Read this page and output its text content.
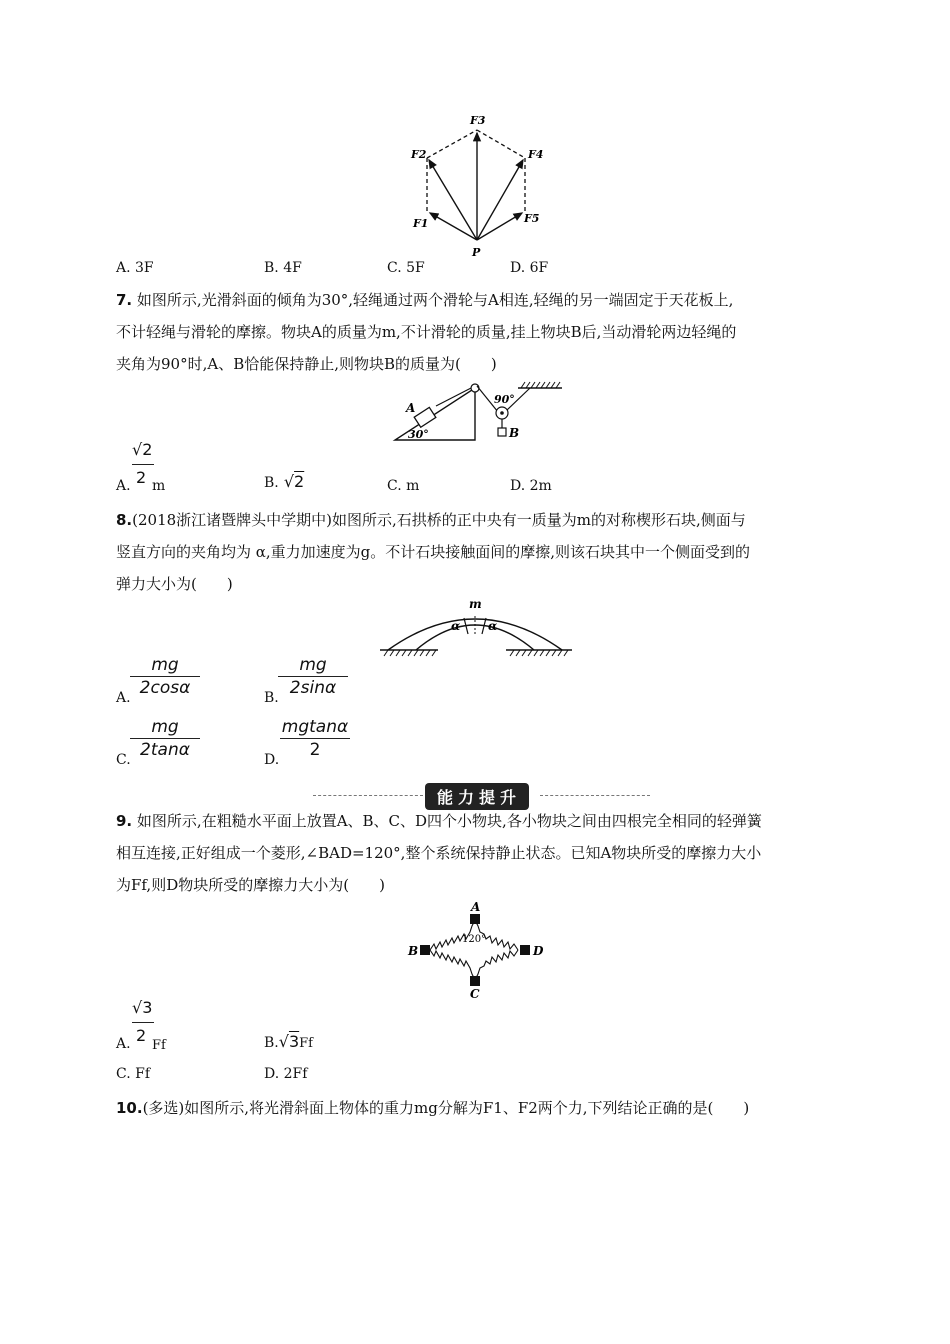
F1
F2
F3
F4
F5
P
A. 3F	B. 4F	C. 5F	D. 6F
7. 如图所示,光滑斜面的倾角为30°,轻绳通过两个滑轮与A相连,轻绳的另一端固定于天花板上,
不计轻绳与滑轮的摩擦。物块A的质量为m,不计滑轮的质量,挂上物块B后,当动滑轮两边轻绳的
夹角为90°时,A、B恰能保持静止,则物块B的质量为(　　)
A
B
30°
90°
A.
√2
2 m	B. √2	C. m	D. 2m
8.(2018浙江诸暨牌头中学期中)如图所示,石拱桥的正中央有一质量为m的对称楔形石块,侧面与
竖直方向的夹角均为 α,重力加速度为g。不计石块接触面间的摩擦,则该石块其中一个侧面受到的
弹力大小为(　　)
m
α α
A.
mg
2cosα	B.
mg
2sinα
C.
mg
2tanα	D.
mgtanα
2
能力提升
9. 如图所示,在粗糙水平面上放置A、B、C、D四个小物块,各小物块之间由四根完全相同的轻弹簧
相互连接,正好组成一个菱形,∠BAD=120°,整个系统保持静止状态。已知A物块所受的摩擦力大小
为Ff,则D物块所受的摩擦力大小为(　　)
A
B	D
C
120°
A.
√3
2
Ff	B.√3Ff
C. Ff	D. 2Ff
10.(多选)如图所示,将光滑斜面上物体的重力mg分解为F1、F2两个力,下列结论正确的是(　　)
